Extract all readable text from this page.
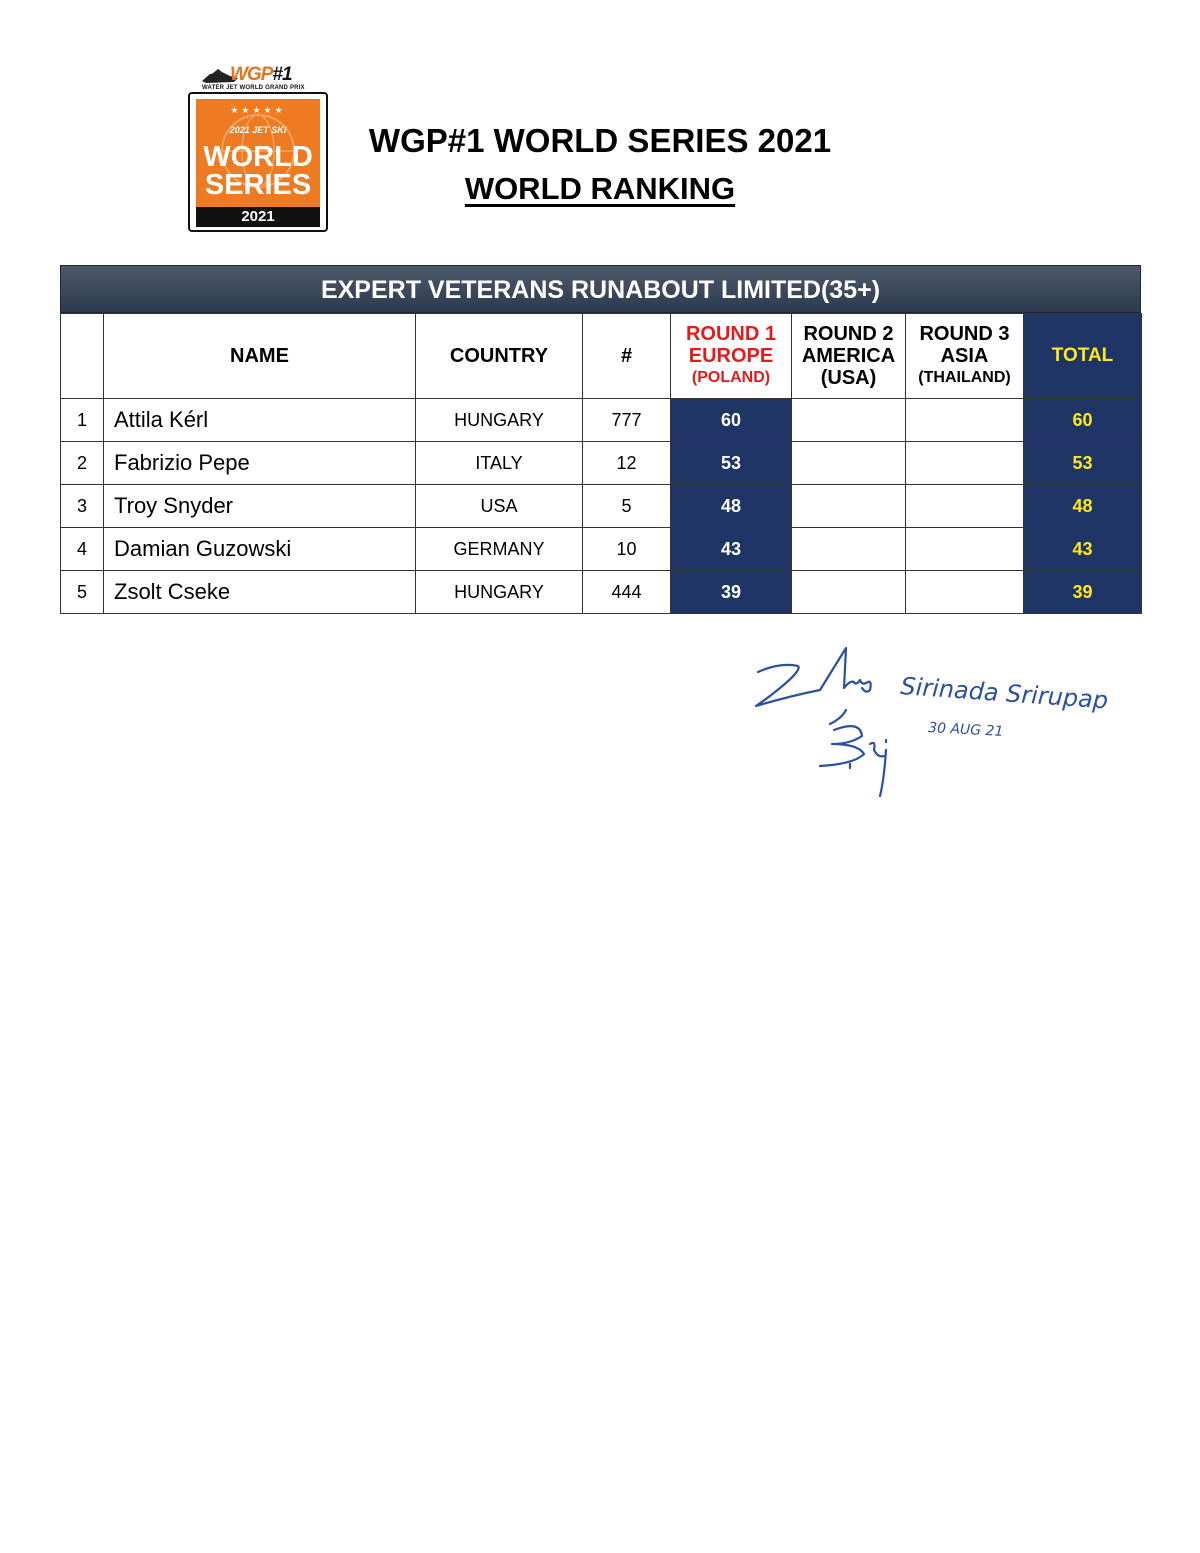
WGP#1
WATER JET WORLD GRAND PRIX
★★★★★
2021 JET SKI
WORLD
SERIES
2021
WGP#1 WORLD SERIES 2021
WORLD RANKING
EXPERT VETERANS RUNABOUT LIMITED(35+)
	NAME	COUNTRY	#	ROUND 1
EUROPE
(POLAND)	ROUND 2
AMERICA
(USA)	ROUND 3
ASIA
(THAILAND)	TOTAL
1	Attila Kérl	HUNGARY	777	60			60
2	Fabrizio Pepe	ITALY	12	53			53
3	Troy Snyder	USA	5	48			48
4	Damian Guzowski	GERMANY	10	43			43
5	Zsolt Cseke	HUNGARY	444	39			39
Sirinada Srirupap
30 AUG 21
